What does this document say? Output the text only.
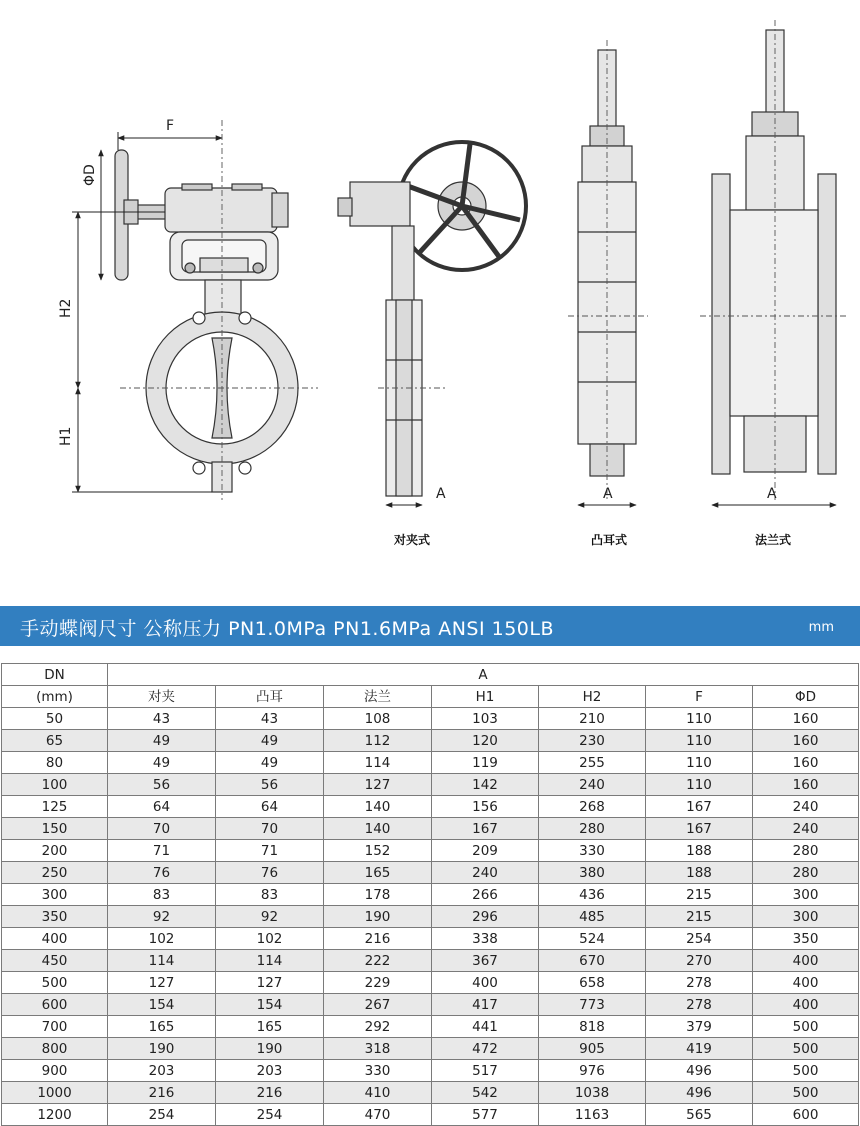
F
ΦD
H2
H1
A	A	A
对夹式	凸耳式	法兰式
手动蝶阀尺寸 公称压力 PN1.0MPa PN1.6MPa ANSI 150LB	mm
DN	A						
(mm)	对夹	凸耳	法兰	H1	H2	F	ΦD
50	43	43	108	103	210	110	160
65	49	49	112	120	230	110	160
80	49	49	114	119	255	110	160
100	56	56	127	142	240	110	160
125	64	64	140	156	268	167	240
150	70	70	140	167	280	167	240
200	71	71	152	209	330	188	280
250	76	76	165	240	380	188	280
300	83	83	178	266	436	215	300
350	92	92	190	296	485	215	300
400	102	102	216	338	524	254	350
450	114	114	222	367	670	270	400
500	127	127	229	400	658	278	400
600	154	154	267	417	773	278	400
700	165	165	292	441	818	379	500
800	190	190	318	472	905	419	500
900	203	203	330	517	976	496	500
1000	216	216	410	542	1038	496	500
1200	254	254	470	577	1163	565	600
